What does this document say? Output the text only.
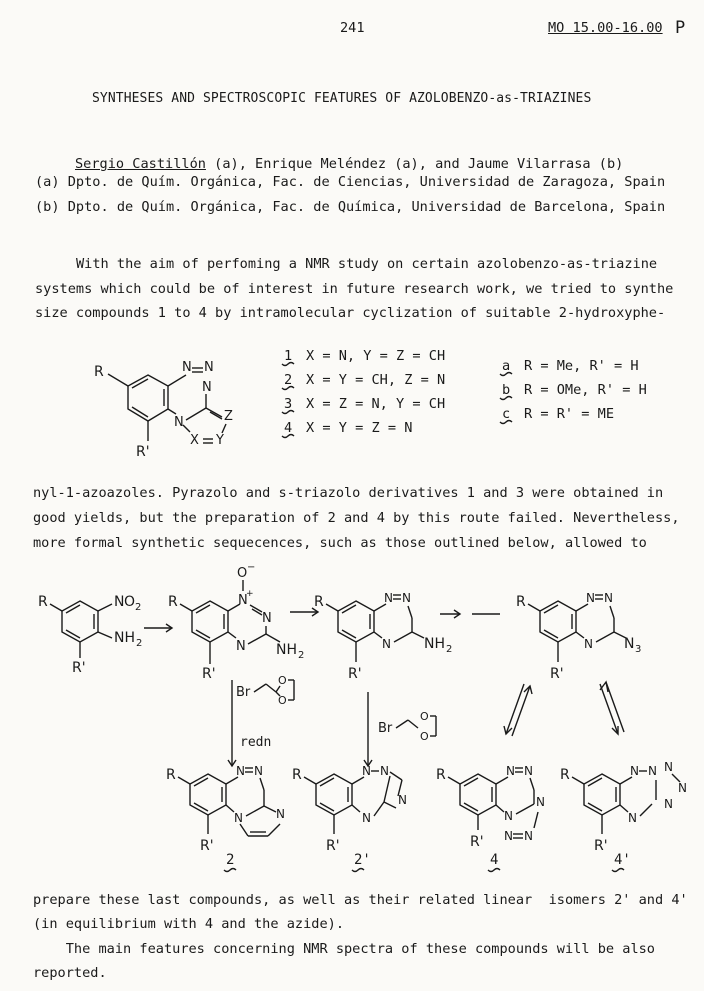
241	MO 15.00-16.00 P
SYNTHESES AND SPECTROSCOPIC FEATURES OF AZOLOBENZO-as-TRIAZINES

Sergio Castillón (a), Enrique Meléndez (a), and Jaume Vilarrasa (b)

(a) Dpto. de Quím. Orgánica, Fac. de Ciencias, Universidad de Zaragoza, Spain
(b) Dpto. de Quím. Orgánica, Fac. de Química, Universidad de Barcelona, Spain
With the aim of perfoming a NMR study on certain azolobenzo-as-triazine
systems which could be of interest in future research work, we tried to synthe
size compounds 1 to 4 by intramolecular cyclization of suitable 2-hydroxyphe-
R
R'
N N
N
N	Z
Y
X
1 X = N, Y = Z = CH
2 X = Y = CH, Z = N
3 X = Z = N, Y = CH
4 X = Y = Z = N
a R = Me, R' = H
b R = OMe, R' = H
c R = R' = ME
nyl-1-azoazoles. Pyrazolo and s-triazolo derivatives 1 and 3 were obtained in
good yields, but the preparation of 2 and 4 by this route failed. Nevertheless,
more formal synthetic sequecences, such as those outlined below, allowed to
R	N O 2
NH 2
R'
R
R'
N
+
O −
N
N NH 2
R
R'
N N
N NH 2
R
R'
N N
N N 3
Br
O
O
redn
Br
O
O
R
R'
N N
N	N
2
R
R'
N N
N
N
2'
R
R'
N N
N
N
N N
4
R
R'
N N N
N
N
N
4'
prepare these last compounds, as well as their related linear  isomers 2' and 4'
(in equilibrium with 4 and the azide).
The main features concerning NMR spectra of these compounds will be also
reported.
